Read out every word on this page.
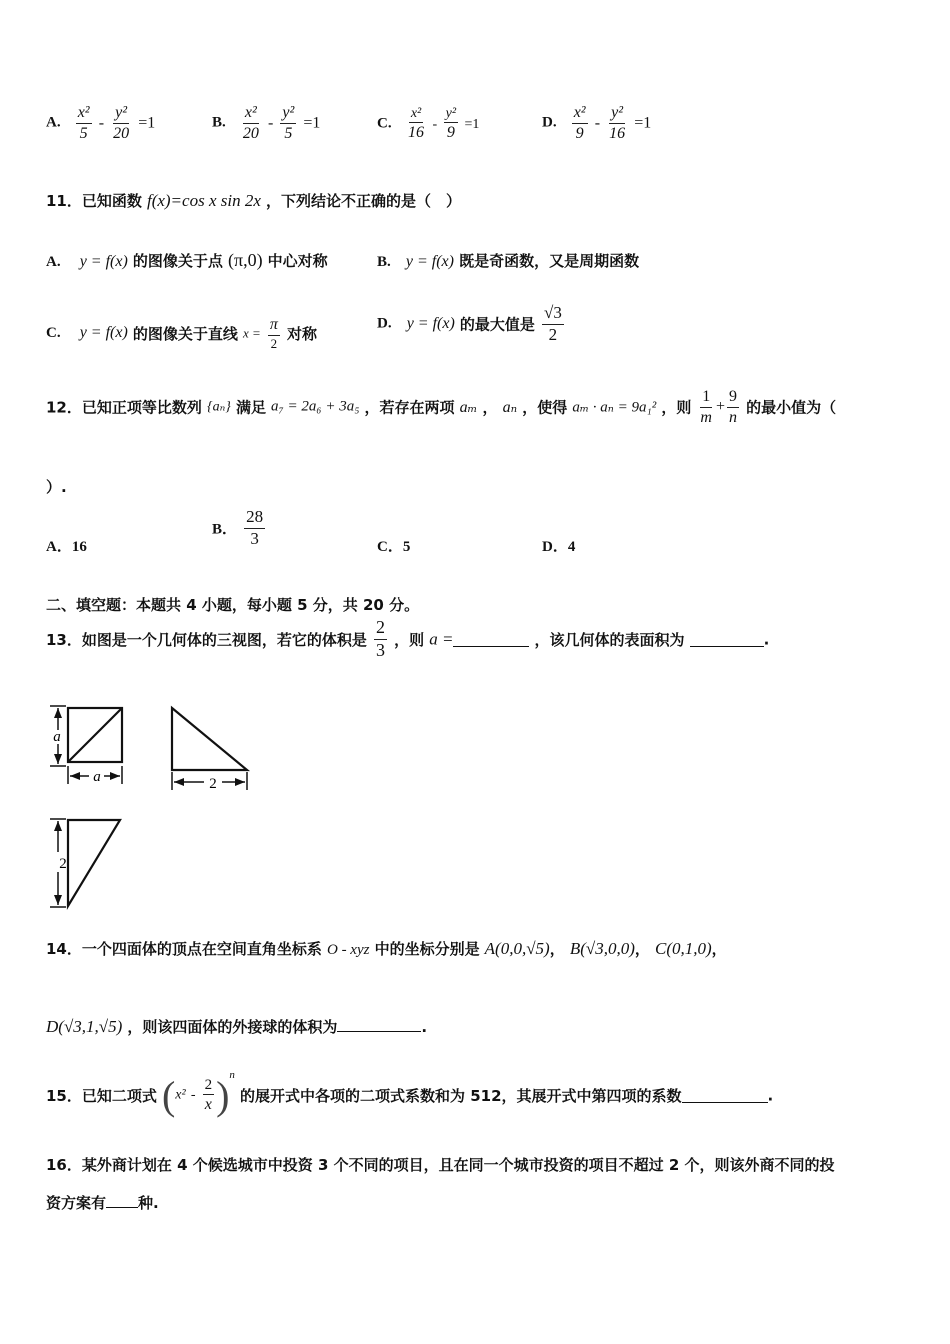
A. $\frac{\text{x²}}{5} - \frac{\text{y²}}{20} =1$	B. $\frac{\text{x²}}{20} - \frac{\text{y²}}{5} =1$	C. $\frac{\text{x²}}{16} - \frac{\text{y²}}{9} =1$	D. $\frac{\text{x²}}{9} - \frac{\text{y²}}{16} =1$
11．已知函数 f(x)=cos x sin 2x ，下列结论不正确的是（　）
A. y = f(x) 的图像关于点 (π,0) 中心对称	B. y = f(x) 既是奇函数，又是周期函数
C. y = f(x) 的图像关于直线 $x = \frac{\pi}{2}$ 对称
D. y = f(x) 的最大值是 $\frac{√3}{2}$
12．已知正项等比数列 {aₙ} 满足 a₇ = 2a₆ + 3a₅ ，若存在两项 aₘ ， aₙ ，使得 aₘ · aₙ = 9a₁² ，则 $\frac{1}{m} + \frac{9}{n}$ 的最小值为（
）.
A．16
B． $\frac{28}{3}$	C．5	D．4
二、填空题：本题共 4 小题，每小题 5 分，共 20 分。
13．如图是一个几何体的三视图，若它的体积是 $\frac{2}{3}$ ，则 a =	，该几何体的表面积为	.
a
a	2
2
14．一个四面体的顶点在空间直角坐标系 O - xyz 中的坐标分别是 A(0,0,√5)， B(√3,0,0)， C(0,1,0)，
D(√3,1,√5) ，则该四面体的外接球的体积为	.
15．已知二项式 $(x^2 - \frac{2}{x} )^n$ 的展开式中各项的二项式系数和为 512，其展开式中第四项的系数	.
16．某外商计划在 4 个候选城市中投资 3 个不同的项目，且在同一个城市投资的项目不超过 2 个，则该外商不同的投
资方案有 种.
